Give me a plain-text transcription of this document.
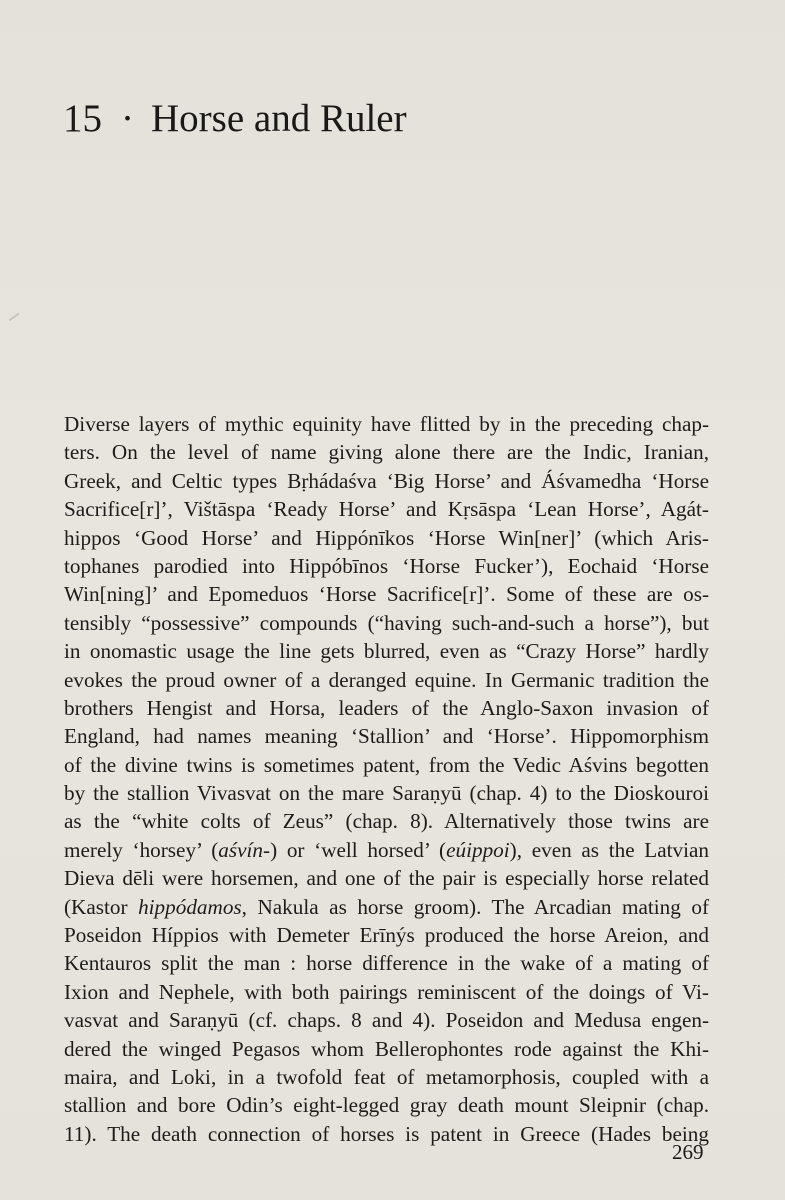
15 · Horse and Ruler
Diverse layers of mythic equinity have flitted by in the preceding chap-
ters. On the level of name giving alone there are the Indic, Iranian,
Greek, and Celtic types Bṛhádaśva ‘Big Horse’ and Áśvamedha ‘Horse
Sacrifice[r]’, Vištāspa ‘Ready Horse’ and Kṛsāspa ‘Lean Horse’, Agát-
hippos ‘Good Horse’ and Hippónīkos ‘Horse Win[ner]’ (which Aris-
tophanes parodied into Hippóbīnos ‘Horse Fucker’), Eochaid ‘Horse
Win[ning]’ and Epomeduos ‘Horse Sacrifice[r]’. Some of these are os-
tensibly “possessive” compounds (“having such-and-such a horse”), but
in onomastic usage the line gets blurred, even as “Crazy Horse” hardly
evokes the proud owner of a deranged equine. In Germanic tradition the
brothers Hengist and Horsa, leaders of the Anglo-Saxon invasion of
England, had names meaning ‘Stallion’ and ‘Horse’. Hippomorphism
of the divine twins is sometimes patent, from the Vedic Aśvins begotten
by the stallion Vivasvat on the mare Saraṇyū (chap. 4) to the Dioskouroi
as the “white colts of Zeus” (chap. 8). Alternatively those twins are
merely ‘horsey’ (aśvín-) or ‘well horsed’ (eúippoi), even as the Latvian
Dieva dēli were horsemen, and one of the pair is especially horse related
(Kastor hippódamos, Nakula as horse groom). The Arcadian mating of
Poseidon Híppios with Demeter Erīnýs produced the horse Areion, and
Kentauros split the man : horse difference in the wake of a mating of
Ixion and Nephele, with both pairings reminiscent of the doings of Vi-
vasvat and Saraṇyū (cf. chaps. 8 and 4). Poseidon and Medusa engen-
dered the winged Pegasos whom Bellerophontes rode against the Khi-
maira, and Loki, in a twofold feat of metamorphosis, coupled with a
stallion and bore Odin’s eight-legged gray death mount Sleipnir (chap.
11). The death connection of horses is patent in Greece (Hades being
269
